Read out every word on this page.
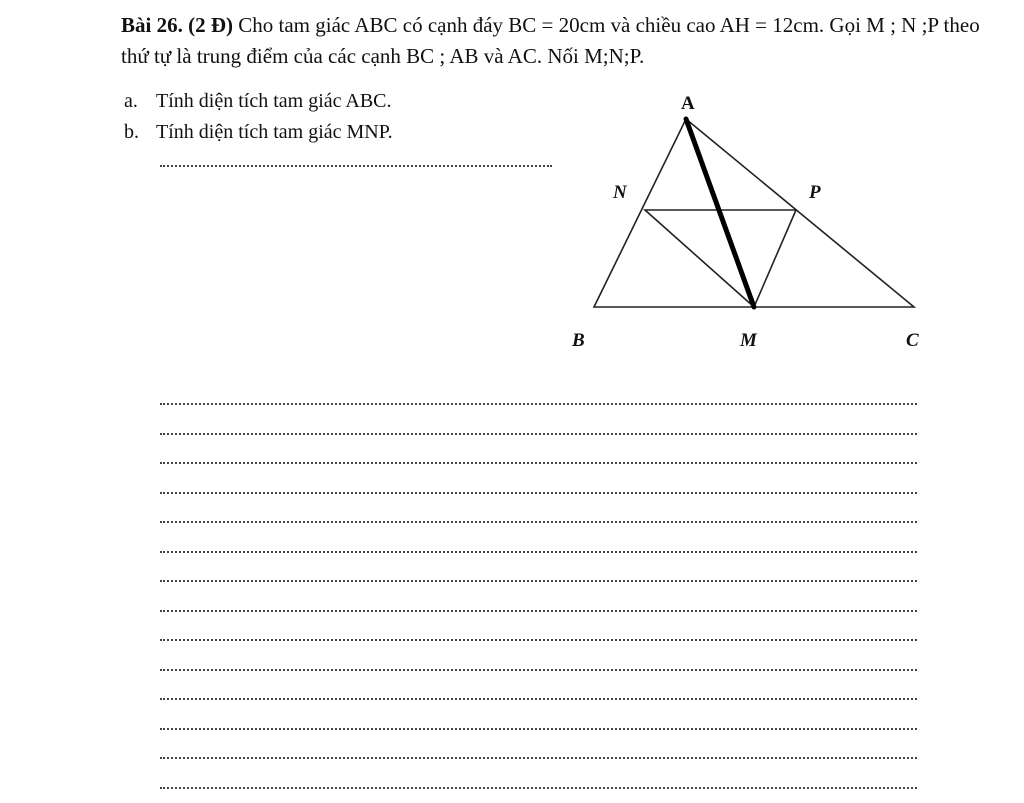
Bài 26. (2 Đ) Cho tam giác ABC có cạnh đáy BC = 20cm và chiều cao AH = 12cm. Gọi M ; N ;P theo thứ tự là trung điểm của các cạnh BC ; AB và AC. Nối M;N;P.
a. Tính diện tích tam giác ABC.
b. Tính diện tích tam giác MNP.
A
N	P
B	M	C
